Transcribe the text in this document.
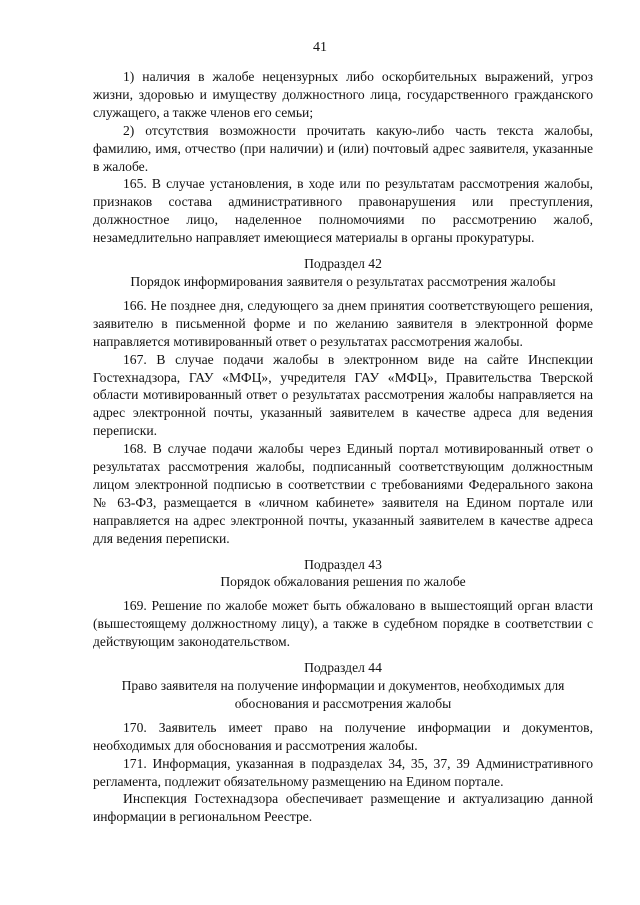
41

1) наличия в жалобе нецензурных либо оскорбительных выражений, угроз жизни, здоровью и имуществу должностного лица, государственного гражданского служащего, а также членов его семьи;

2) отсутствия возможности прочитать какую-либо часть текста жалобы, фамилию, имя, отчество (при наличии) и (или) почтовый адрес заявителя, указанные в жалобе.

165. В случае установления, в ходе или по результатам рассмотрения жалобы, признаков состава административного правонарушения или преступления, должностное лицо, наделенное полномочиями по рассмотрению жалоб, незамедлительно направляет имеющиеся материалы в органы прокуратуры.

Подраздел 42
Порядок информирования заявителя о результатах рассмотрения жалобы

166. Не позднее дня, следующего за днем принятия соответствующего решения, заявителю в письменной форме и по желанию заявителя в электронной форме направляется мотивированный ответ о результатах рассмотрения жалобы.

167. В случае подачи жалобы в электронном виде на сайте Инспекции Гостехнадзора, ГАУ «МФЦ», учредителя ГАУ «МФЦ», Правительства Тверской области мотивированный ответ о результатах рассмотрения жалобы направляется на адрес электронной почты, указанный заявителем в качестве адреса для ведения переписки.

168. В случае подачи жалобы через Единый портал мотивированный ответ о результатах рассмотрения жалобы, подписанный соответствующим должностным лицом электронной подписью в соответствии с требованиями Федерального закона № 63-ФЗ, размещается в «личном кабинете» заявителя на Едином портале или направляется на адрес электронной почты, указанный заявителем в качестве адреса для ведения переписки.

Подраздел 43
Порядок обжалования решения по жалобе

169. Решение по жалобе может быть обжаловано в вышестоящий орган власти (вышестоящему должностному лицу), а также в судебном порядке в соответствии с действующим законодательством.

Подраздел 44
Право заявителя на получение информации и документов, необходимых для обоснования и рассмотрения жалобы

170. Заявитель имеет право на получение информации и документов, необходимых для обоснования и рассмотрения жалобы.

171. Информация, указанная в подразделах 34, 35, 37, 39 Административного регламента, подлежит обязательному размещению на Едином портале.

Инспекция Гостехнадзора обеспечивает размещение и актуализацию данной информации в региональном Реестре.
